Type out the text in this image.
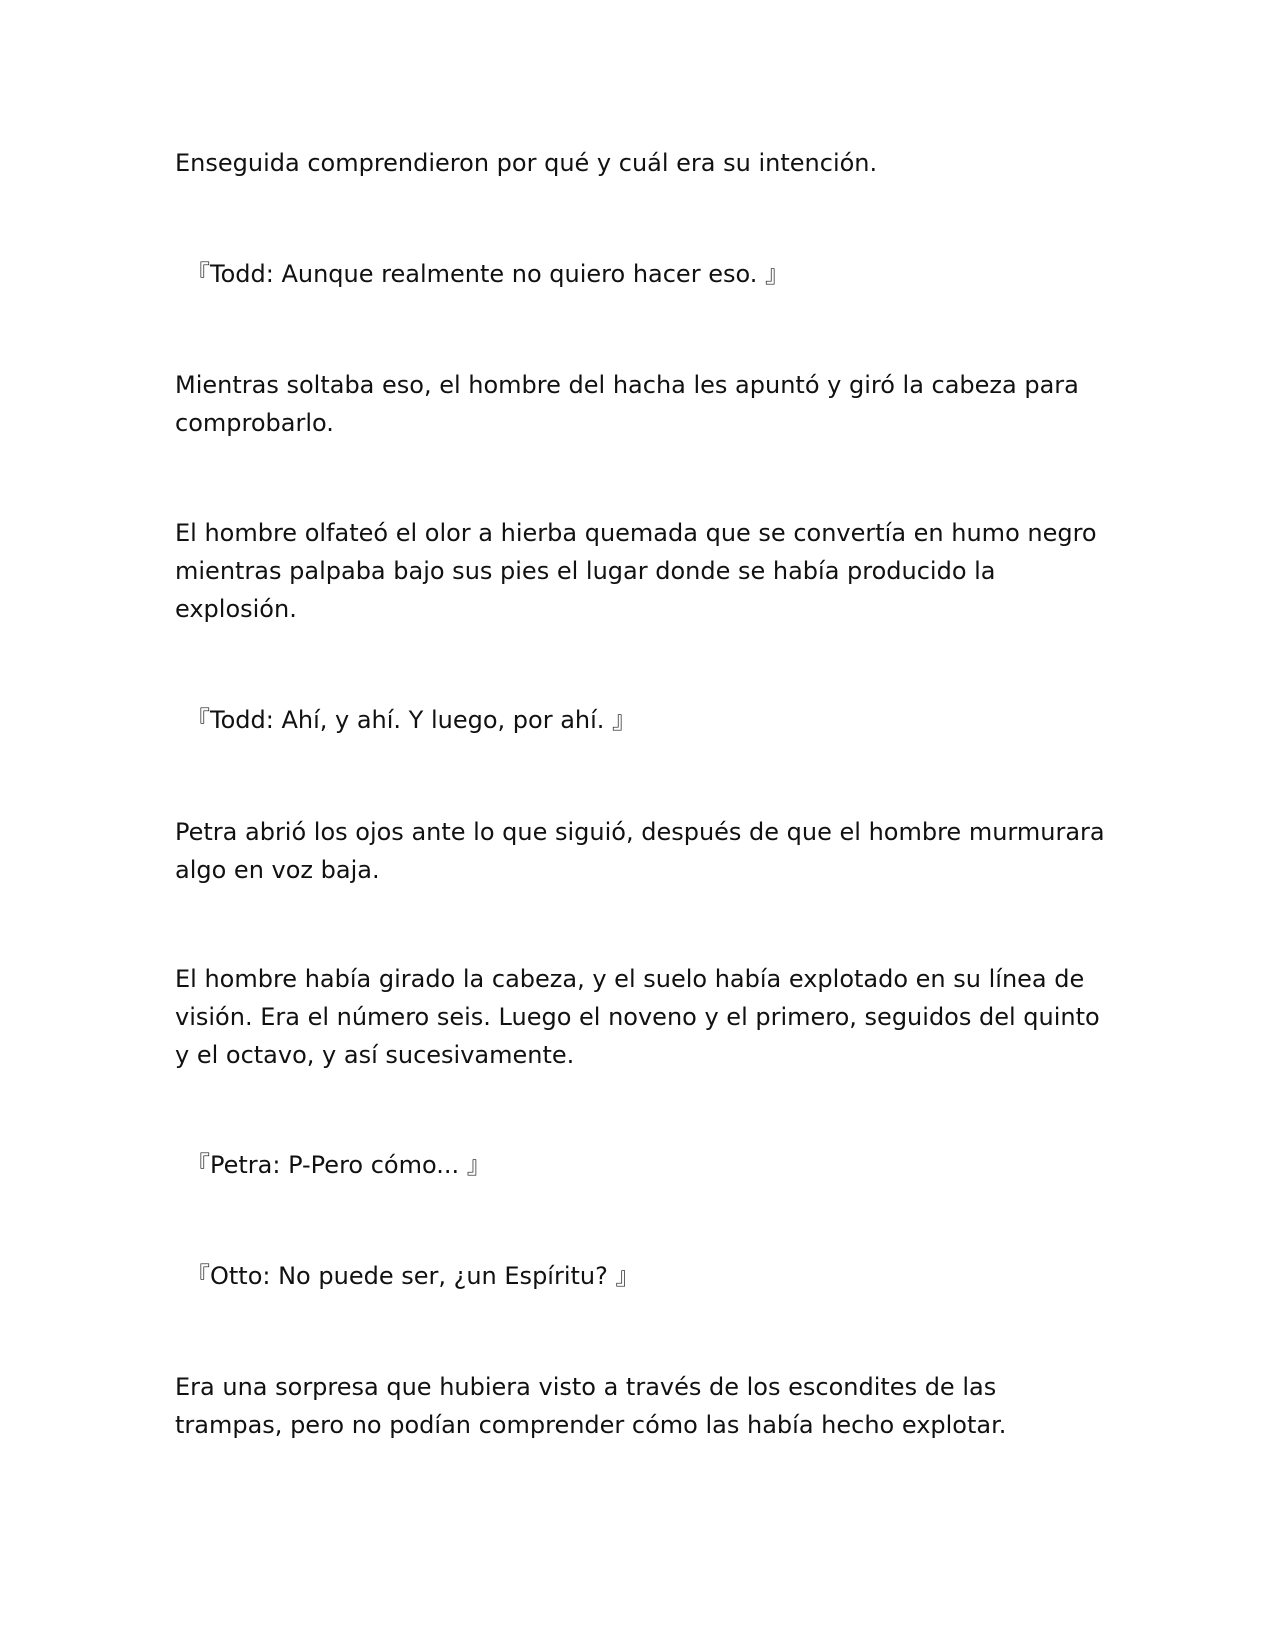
Enseguida comprendieron por qué y cuál era su intención.

『Todd: Aunque realmente no quiero hacer eso. 』

Mientras soltaba eso, el hombre del hacha les apuntó y giró la cabeza para comprobarlo.

El hombre olfateó el olor a hierba quemada que se convertía en humo negro mientras palpaba bajo sus pies el lugar donde se había producido la explosión.

『Todd: Ahí, y ahí. Y luego, por ahí. 』

Petra abrió los ojos ante lo que siguió, después de que el hombre murmurara algo en voz baja.

El hombre había girado la cabeza, y el suelo había explotado en su línea de visión. Era el número seis. Luego el noveno y el primero, seguidos del quinto y el octavo, y así sucesivamente.

『Petra: P-Pero cómo... 』

『Otto: No puede ser, ¿un Espíritu? 』

Era una sorpresa que hubiera visto a través de los escondites de las trampas, pero no podían comprender cómo las había hecho explotar.
